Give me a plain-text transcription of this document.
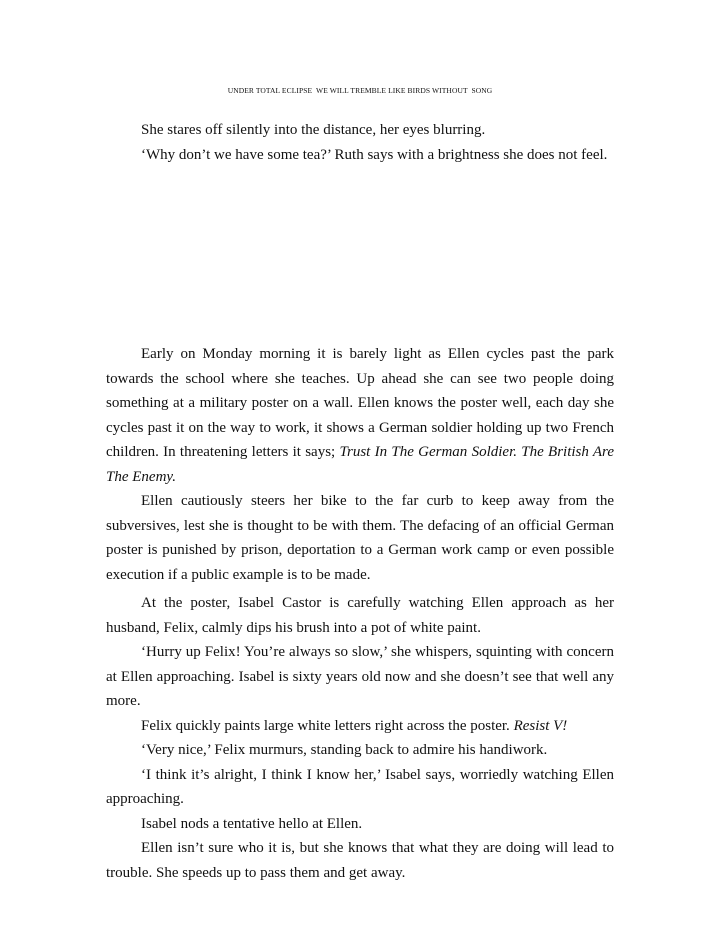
UNDER TOTAL ECLIPSE  WE WILL TREMBLE LIKE BIRDS WITHOUT  SONG

She stares off silently into the distance, her eyes blurring.

‘Why don’t we have some tea?’ Ruth says with a brightness she does not feel.

Early on Monday morning it is barely light as Ellen cycles past the park towards the school where she teaches. Up ahead she can see two people doing something at a military poster on a wall. Ellen knows the poster well, each day she cycles past it on the way to work, it shows a German soldier holding up two French children. In threatening letters it says; Trust In The German Soldier. The British Are The Enemy.

Ellen cautiously steers her bike to the far curb to keep away from the subversives, lest she is thought to be with them. The defacing of an official German poster is punished by prison, deportation to a German work camp or even possible execution if a public example is to be made.

At the poster, Isabel Castor is carefully watching Ellen approach as her husband, Felix, calmly dips his brush into a pot of white paint.

‘Hurry up Felix! You’re always so slow,’ she whispers, squinting with concern at Ellen approaching. Isabel is sixty years old now and she doesn’t see that well any more.

Felix quickly paints large white letters right across the poster. Resist V!

‘Very nice,’ Felix murmurs, standing back to admire his handiwork.

‘I think it’s alright, I think I know her,’ Isabel says, worriedly watching Ellen approaching.

Isabel nods a tentative hello at Ellen.

Ellen isn’t sure who it is, but she knows that what they are doing will lead to trouble. She speeds up to pass them and get away.
